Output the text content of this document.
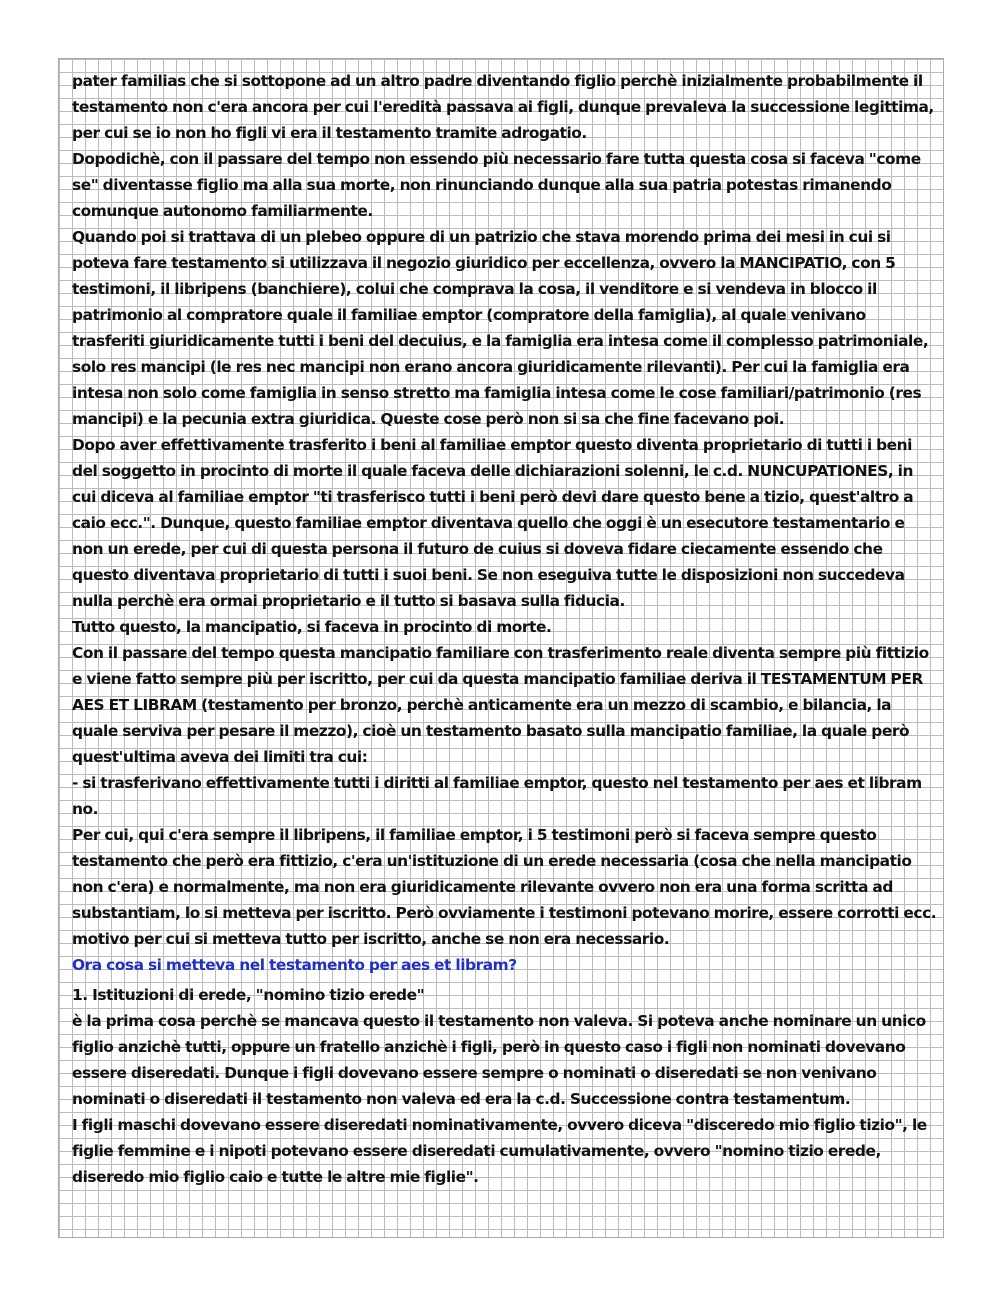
pater familias che si sottopone ad un altro padre diventando figlio perchè inizialmente probabilmente il testamento non c'era ancora per cui l'eredità passava ai figli, dunque prevaleva la successione legittima, per cui se io non ho figli vi era il testamento tramite adrogatio.

Dopodichè, con il passare del tempo non essendo più necessario fare tutta questa cosa si faceva "come se" diventasse figlio ma alla sua morte, non rinunciando dunque alla sua patria potestas rimanendo comunque autonomo familiarmente.

Quando poi si trattava di un plebeo oppure di un patrizio che stava morendo prima dei mesi in cui si poteva fare testamento si utilizzava il negozio giuridico per eccellenza, ovvero la MANCIPATIO, con 5 testimoni, il libripens (banchiere), colui che comprava la cosa, il venditore e si vendeva in blocco il patrimonio al compratore quale il familiae emptor (compratore della famiglia), al quale venivano trasferiti giuridicamente tutti i beni del decuius, e la famiglia era intesa come il complesso patrimoniale, solo res mancipi (le res nec mancipi non erano ancora giuridicamente rilevanti). Per cui la famiglia era intesa non solo come famiglia in senso stretto ma famiglia intesa come le cose familiari/patrimonio (res mancipi) e la pecunia extra giuridica. Queste cose però non si sa che fine facevano poi.

Dopo aver effettivamente trasferito i beni al familiae emptor questo diventa proprietario di tutti i beni del soggetto in procinto di morte il quale faceva delle dichiarazioni solenni, le c.d. NUNCUPATIONES, in cui diceva al familiae emptor "ti trasferisco tutti i beni però devi dare questo bene a tizio, quest'altro a caio ecc.". Dunque, questo familiae emptor diventava quello che oggi è un esecutore testamentario e non un erede, per cui di questa persona il futuro de cuius si doveva fidare ciecamente essendo che questo diventava proprietario di tutti i suoi beni. Se non eseguiva tutte le disposizioni non succedeva nulla perchè era ormai proprietario e il tutto si basava sulla fiducia.

Tutto questo, la mancipatio, si faceva in procinto di morte.

Con il passare del tempo questa mancipatio familiare con trasferimento reale diventa sempre più fittizio e viene fatto sempre più per iscritto, per cui da questa mancipatio familiae deriva il TESTAMENTUM PER AES ET LIBRAM (testamento per bronzo, perchè anticamente era un mezzo di scambio, e bilancia, la quale serviva per pesare il mezzo), cioè un testamento basato sulla mancipatio familiae, la quale però quest'ultima aveva dei limiti tra cui:

- si trasferivano effettivamente tutti i diritti al familiae emptor, questo nel testamento per aes et libram no.

Per cui, qui c'era sempre il libripens, il familiae emptor, i 5 testimoni però si faceva sempre questo testamento che però era fittizio, c'era un'istituzione di un erede necessaria (cosa che nella mancipatio non c'era) e normalmente, ma non era giuridicamente rilevante ovvero non era una forma scritta ad substantiam, lo si metteva per iscritto. Però ovviamente i testimoni potevano morire, essere corrotti ecc. motivo per cui si metteva tutto per iscritto, anche se non era necessario.

Ora cosa si metteva nel testamento per aes et libram?

1. Istituzioni di erede, "nomino tizio erede"

è la prima cosa perchè se mancava questo il testamento non valeva. Si poteva anche nominare un unico figlio anzichè tutti, oppure un fratello anzichè i figli, però in questo caso i figli non nominati dovevano essere diseredati. Dunque i figli dovevano essere sempre o nominati o diseredati se non venivano nominati o diseredati il testamento non valeva ed era la c.d. Successione contra testamentum.

I figli maschi dovevano essere diseredati nominativamente, ovvero diceva "disceredo mio figlio tizio", le figlie femmine e i nipoti potevano essere diseredati cumulativamente, ovvero "nomino tizio erede, diseredo mio figlio caio e tutte le altre mie figlie".
